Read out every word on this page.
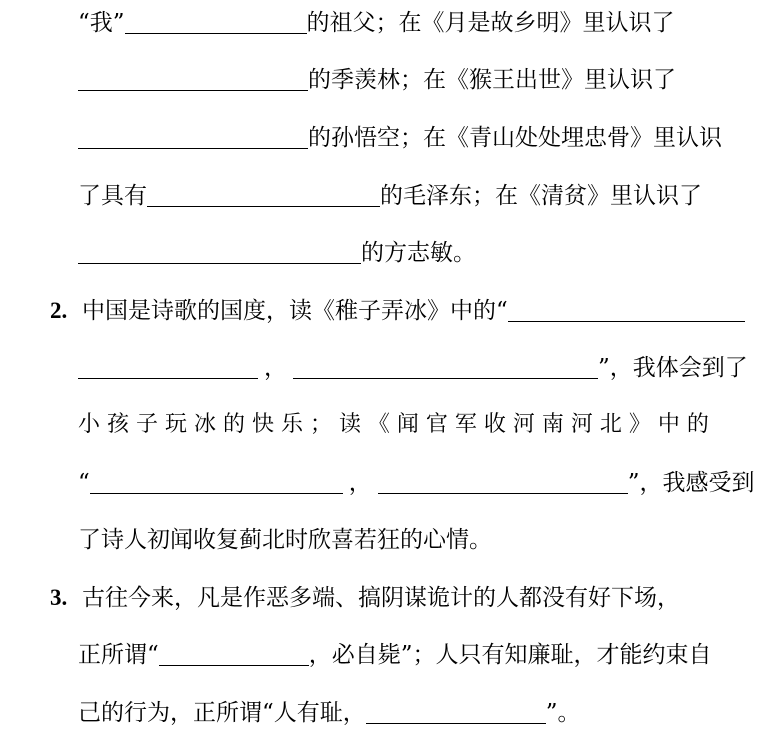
“我”	的祖父；在《月是故乡明》里认识了
的季羡林；在《猴王出世》里认识了
的孙悟空；在《青山处处埋忠骨》里认识
了具有	的毛泽东；在《清贫》里认识了
的方志敏。
2. 中国是诗歌的国度，读《稚子弄冰》中的“
，	”，我体会到了
小 孩 子 玩 冰 的 快 乐 ； 读 《 闻 官 军 收 河 南 河 北 》 中 的
“	，	”，我感受到
了诗人初闻收复蓟北时欣喜若狂的心情。
3. 古往今来，凡是作恶多端、搞阴谋诡计的人都没有好下场，
正所谓“	，必自毙”；人只有知廉耻，才能约束自
己的行为，正所谓“人有耻，	”。
